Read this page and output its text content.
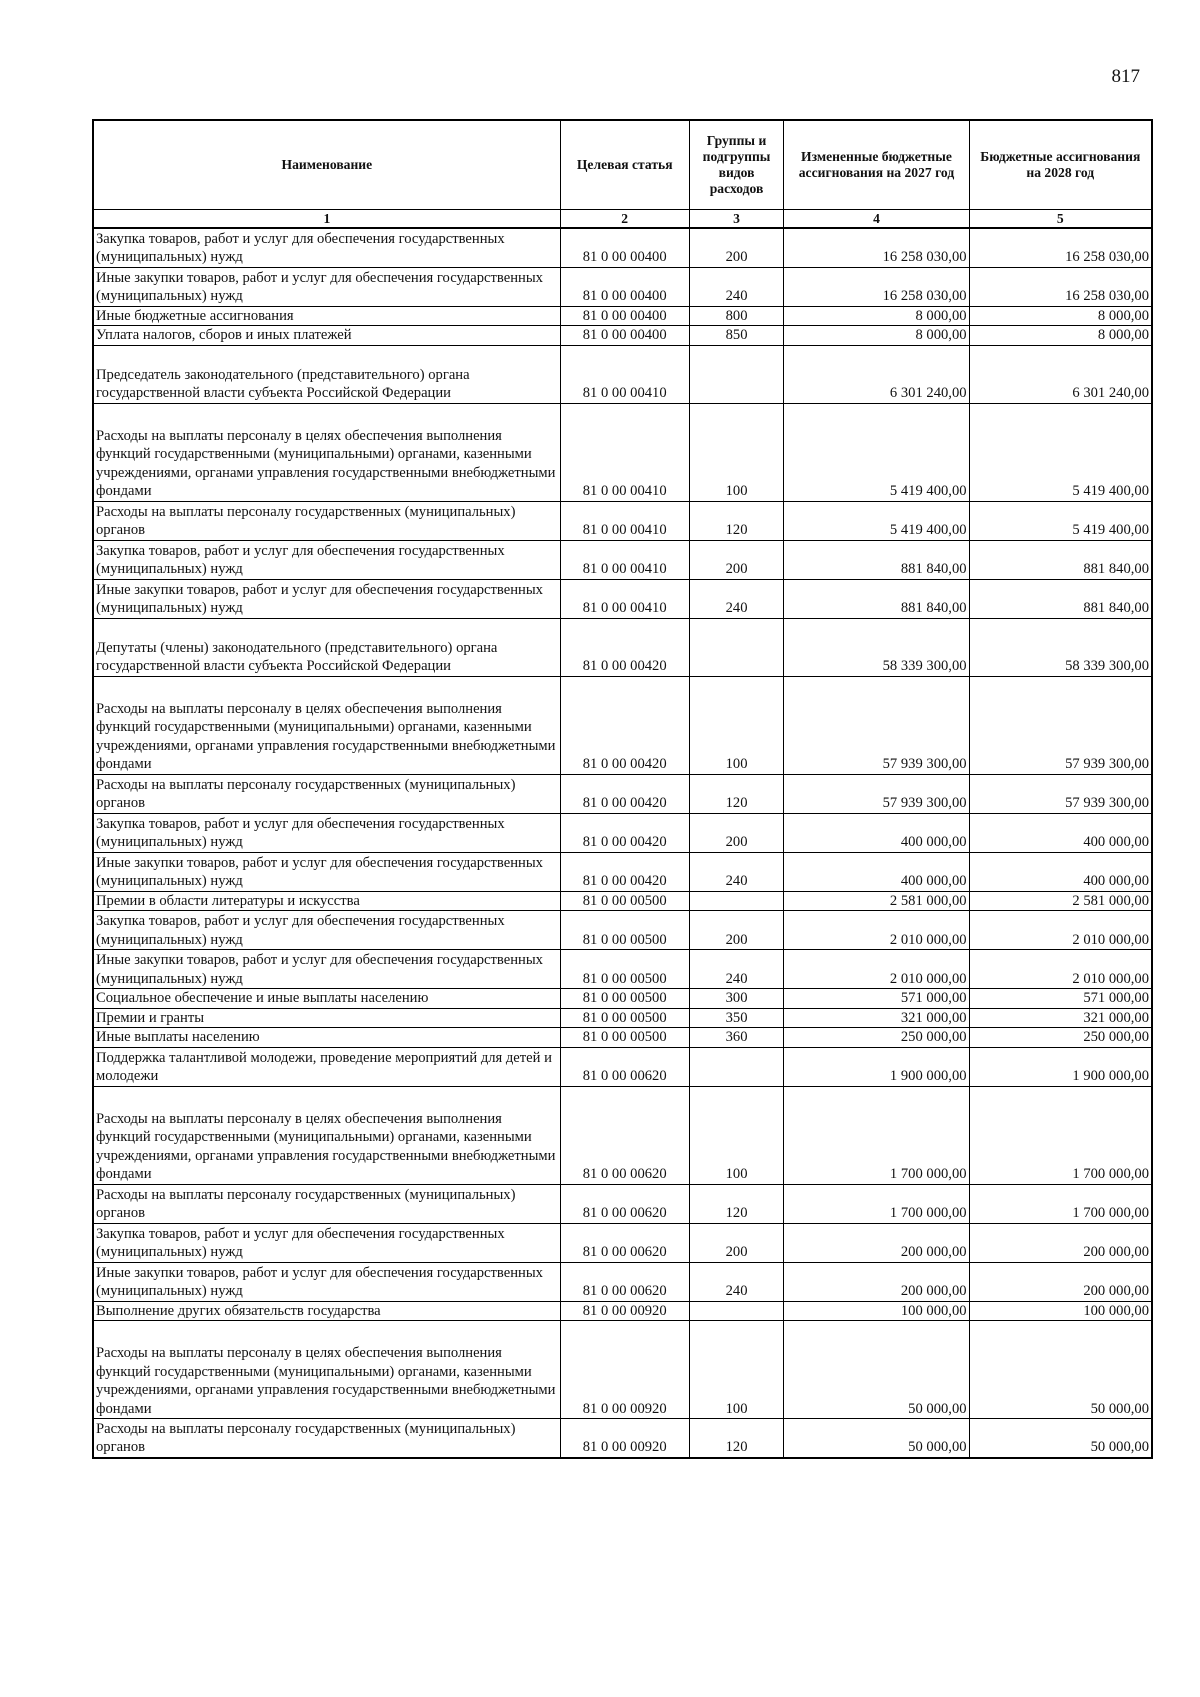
817
Наименование	Целевая статья	Группы и подгруппы видов расходов	Измененные бюджетные ассигнования на 2027 год	Бюджетные ассигнования на 2028 год
1	2	3	4	5
Закупка товаров, работ и услуг для обеспечения государственных (муниципальных) нужд	81 0 00 00400	200	16 258 030,00	16 258 030,00
Иные закупки товаров, работ и услуг для обеспечения государственных (муниципальных) нужд	81 0 00 00400	240	16 258 030,00	16 258 030,00
Иные бюджетные ассигнования	81 0 00 00400	800	8 000,00	8 000,00
Уплата налогов, сборов и иных платежей	81 0 00 00400	850	8 000,00	8 000,00
Председатель законодательного (представительного) органа государственной власти субъекта Российской Федерации	81 0 00 00410		6 301 240,00	6 301 240,00
Расходы на выплаты персоналу в целях обеспечения выполнения функций государственными (муниципальными) органами, казенными учреждениями, органами управления государственными внебюджетными фондами	81 0 00 00410	100	5 419 400,00	5 419 400,00
Расходы на выплаты персоналу государственных (муниципальных) органов	81 0 00 00410	120	5 419 400,00	5 419 400,00
Закупка товаров, работ и услуг для обеспечения государственных (муниципальных) нужд	81 0 00 00410	200	881 840,00	881 840,00
Иные закупки товаров, работ и услуг для обеспечения государственных (муниципальных) нужд	81 0 00 00410	240	881 840,00	881 840,00
Депутаты (члены) законодательного (представительного) органа государственной власти субъекта Российской Федерации	81 0 00 00420		58 339 300,00	58 339 300,00
Расходы на выплаты персоналу в целях обеспечения выполнения функций государственными (муниципальными) органами, казенными учреждениями, органами управления государственными внебюджетными фондами	81 0 00 00420	100	57 939 300,00	57 939 300,00
Расходы на выплаты персоналу государственных (муниципальных) органов	81 0 00 00420	120	57 939 300,00	57 939 300,00
Закупка товаров, работ и услуг для обеспечения государственных (муниципальных) нужд	81 0 00 00420	200	400 000,00	400 000,00
Иные закупки товаров, работ и услуг для обеспечения государственных (муниципальных) нужд	81 0 00 00420	240	400 000,00	400 000,00
Премии в области литературы и искусства	81 0 00 00500		2 581 000,00	2 581 000,00
Закупка товаров, работ и услуг для обеспечения государственных (муниципальных) нужд	81 0 00 00500	200	2 010 000,00	2 010 000,00
Иные закупки товаров, работ и услуг для обеспечения государственных (муниципальных) нужд	81 0 00 00500	240	2 010 000,00	2 010 000,00
Социальное обеспечение и иные выплаты населению	81 0 00 00500	300	571 000,00	571 000,00
Премии и гранты	81 0 00 00500	350	321 000,00	321 000,00
Иные выплаты населению	81 0 00 00500	360	250 000,00	250 000,00
Поддержка талантливой молодежи, проведение мероприятий для детей и молодежи	81 0 00 00620		1 900 000,00	1 900 000,00
Расходы на выплаты персоналу в целях обеспечения выполнения функций государственными (муниципальными) органами, казенными учреждениями, органами управления государственными внебюджетными фондами	81 0 00 00620	100	1 700 000,00	1 700 000,00
Расходы на выплаты персоналу государственных (муниципальных) органов	81 0 00 00620	120	1 700 000,00	1 700 000,00
Закупка товаров, работ и услуг для обеспечения государственных (муниципальных) нужд	81 0 00 00620	200	200 000,00	200 000,00
Иные закупки товаров, работ и услуг для обеспечения государственных (муниципальных) нужд	81 0 00 00620	240	200 000,00	200 000,00
Выполнение других обязательств государства	81 0 00 00920		100 000,00	100 000,00
Расходы на выплаты персоналу в целях обеспечения выполнения функций государственными (муниципальными) органами, казенными учреждениями, органами управления государственными внебюджетными фондами	81 0 00 00920	100	50 000,00	50 000,00
Расходы на выплаты персоналу государственных (муниципальных) органов	81 0 00 00920	120	50 000,00	50 000,00
